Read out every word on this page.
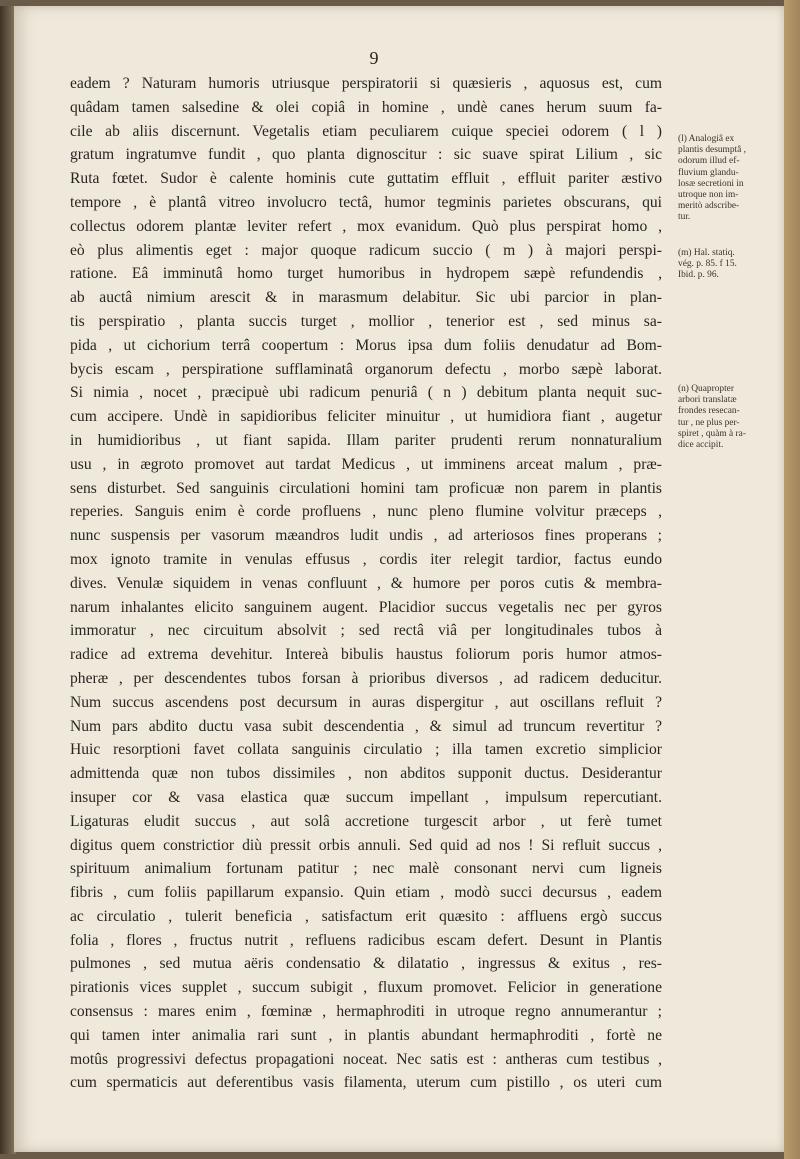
9
eadem ? Naturam humoris utriusque perspiratorii si quæsieris , aquosus est, cum
quâdam tamen salsedine & olei copiâ in homine , undè canes herum suum fa-
cile ab aliis discernunt. Vegetalis etiam peculiarem cuique speciei odorem ( l )
gratum ingratumve fundit , quo planta dignoscitur : sic suave spirat Lilium , sic
Ruta fœtet. Sudor è calente hominis cute guttatim effluit , effluit pariter æstivo
tempore , è plantâ vitreo involucro tectâ, humor tegminis parietes obscurans, qui
collectus odorem plantæ leviter refert , mox evanidum. Quò plus perspirat homo ,
eò plus alimentis eget : major quoque radicum succio ( m ) à majori perspi-
ratione. Eâ imminutâ homo turget humoribus in hydropem sæpè refundendis ,
ab auctâ nimium arescit & in marasmum delabitur. Sic ubi parcior in plan-
tis perspiratio , planta succis turget , mollior , tenerior est , sed minus sa-
pida , ut cichorium terrâ coopertum : Morus ipsa dum foliis denudatur ad Bom-
bycis escam , perspiratione sufflaminatâ organorum defectu , morbo sæpè laborat.
Si nimia , nocet , præcipuè ubi radicum penuriâ ( n ) debitum planta nequit suc-
cum accipere. Undè in sapidioribus feliciter minuitur , ut humidiora fiant , augetur
in humidioribus , ut fiant sapida. Illam pariter prudenti rerum nonnaturalium
usu , in ægroto promovet aut tardat Medicus , ut imminens arceat malum , præ-
sens disturbet. Sed sanguinis circulationi homini tam proficuæ non parem in plantis
reperies. Sanguis enim è corde profluens , nunc pleno flumine volvitur præceps ,
nunc suspensis per vasorum mæandros ludit undis , ad arteriosos fines properans ;
mox ignoto tramite in venulas effusus , cordis iter relegit tardior, factus eundo
dives. Venulæ siquidem in venas confluunt , & humore per poros cutis & membra-
narum inhalantes elicito sanguinem augent. Placidior succus vegetalis nec per gyros
immoratur , nec circuitum absolvit ; sed rectâ viâ per longitudinales tubos à
radice ad extrema devehitur. Intereà bibulis haustus foliorum poris humor atmos-
pheræ , per descendentes tubos forsan à prioribus diversos , ad radicem deducitur.
Num succus ascendens post decursum in auras dispergitur , aut oscillans refluit ?
Num pars abdito ductu vasa subit descendentia , & simul ad truncum revertitur ?
Huic resorptioni favet collata sanguinis circulatio ; illa tamen excretio simplicior
admittenda quæ non tubos dissimiles , non abditos supponit ductus. Desiderantur
insuper cor & vasa elastica quæ succum impellant , impulsum repercutiant.
Ligaturas eludit succus , aut solâ accretione turgescit arbor , ut ferè tumet
digitus quem constrictior diù pressit orbis annuli. Sed quid ad nos ! Si refluit succus ,
spirituum animalium fortunam patitur ; nec malè consonant nervi cum ligneis
fibris , cum foliis papillarum expansio. Quin etiam , modò succi decursus , eadem
ac circulatio , tulerit beneficia , satisfactum erit quæsito : affluens ergò succus
folia , flores , fructus nutrit , refluens radicibus escam defert. Desunt in Plantis
pulmones , sed mutua aëris condensatio & dilatatio , ingressus & exitus , res-
pirationis vices supplet , succum subigit , fluxum promovet. Felicior in generatione
consensus : mares enim , fœminæ , hermaphroditi in utroque regno annumerantur ;
qui tamen inter animalia rari sunt , in plantis abundant hermaphroditi , fortè ne
motûs progressivi defectus propagationi noceat. Nec satis est : antheras cum testibus ,
cum spermaticis aut deferentibus vasis filamenta, uterum cum pistillo , os uteri cum
(l) Analogiâ ex
plantis desumptâ ,
odorum illud ef-
fluvium glandu-
losæ secretioni in
utroque non im-
meritò adscribe-
tur.
(m) Hal. statiq.
vég. p. 85. f 15.
Ibid. p. 96.
(n) Quapropter
arbori translatæ
frondes resecan-
tur , ne plus per-
spiret , quàm à ra-
dice accipit.
